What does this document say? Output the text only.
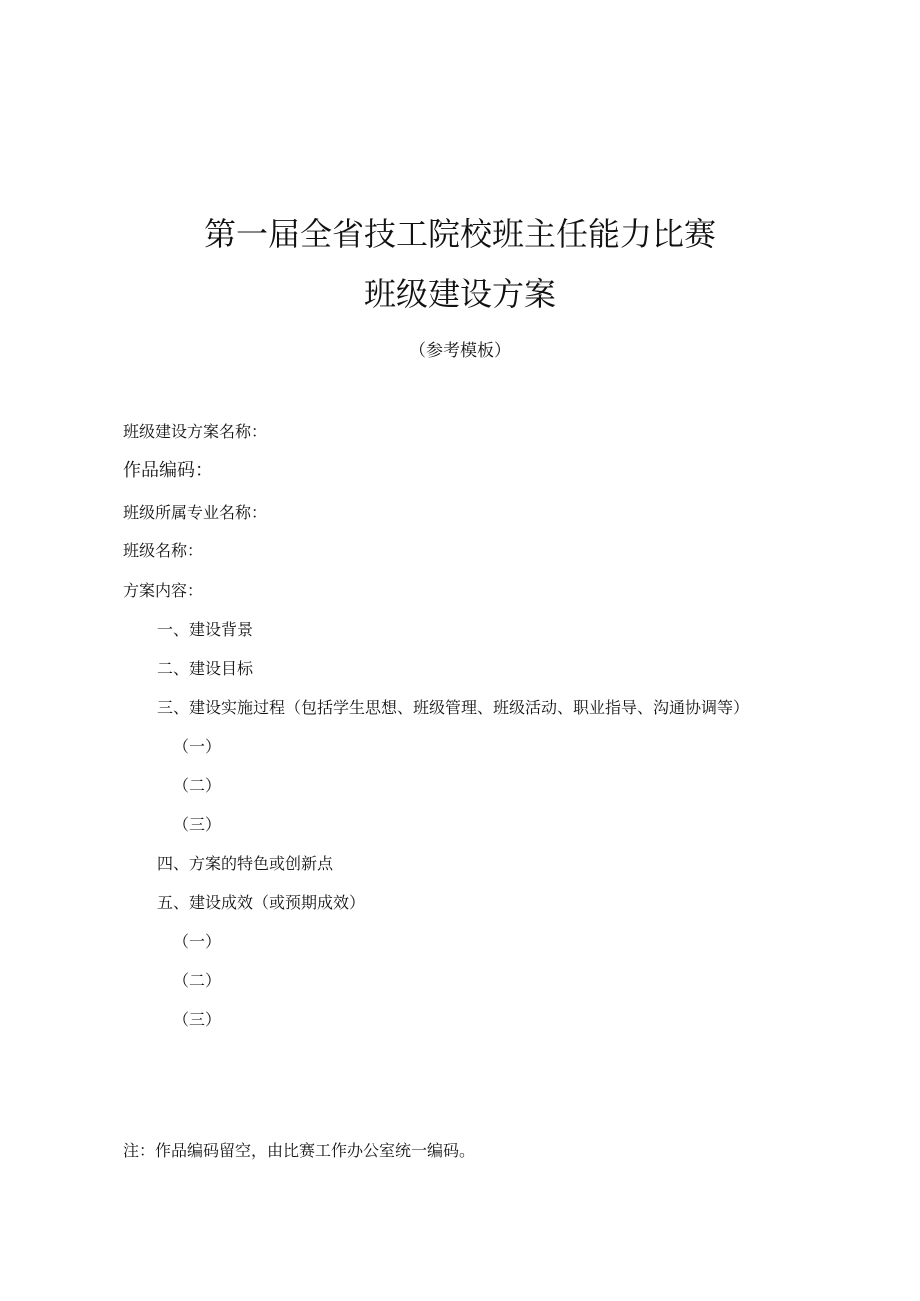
第一届全省技工院校班主任能力比赛
班级建设方案
（参考模板）
班级建设方案名称：
作品编码：
班级所属专业名称：
班级名称：
方案内容：
一、建设背景
二、建设目标
三、建设实施过程（包括学生思想、班级管理、班级活动、职业指导、沟通协调等）
（一）
（二）
（三）
四、方案的特色或创新点
五、建设成效（或预期成效）
（一）
（二）
（三）
注：作品编码留空，由比赛工作办公室统一编码。
